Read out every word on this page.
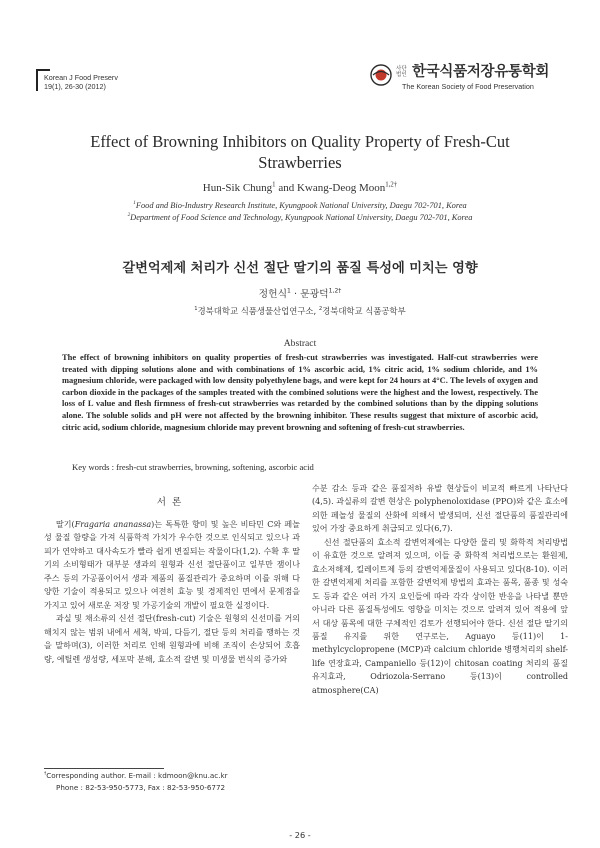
Korean J Food Preserv
19(1), 26-30 (2012)
사단
법인 한국식품저장유통학회
The Korean Society of Food Preservation
Effect of Browning Inhibitors on Quality Property of Fresh-Cut Strawberries
Hun-Sik Chung$^1$ and Kwang-Deog Moon$^{1,2\dagger}$
$^1$Food and Bio-Industry Research Institute, Kyungpook National University, Daegu 702-701, Korea
$^2$Department of Food Science and Technology, Kyungpook National University, Daegu 702-701, Korea
갈변억제제 처리가 신선 절단 딸기의 품질 특성에 미치는 영향
정헌식$^1$ · 문광덕$^{1,2\dagger}$
$^1$경북대학교 식품생물산업연구소, $^2$경북대학교 식품공학부
Abstract
The effect of browning inhibitors on quality properties of fresh-cut strawberries was investigated. Half-cut strawberries were treated with dipping solutions alone and with combinations of 1% ascorbic acid, 1% citric acid, 1% sodium chloride, and 1% magnesium chloride, were packaged with low density polyethylene bags, and were kept for 24 hours at 4°C. The levels of oxygen and carbon dioxide in the packages of the samples treated with the combined solutions were the highest and the lowest, respectively. The loss of L value and flesh firmness of fresh-cut strawberries was retarded by the combined solutions than by the dipping solutions alone. The soluble solids and pH were not affected by the browning inhibitor. These results suggest that mixture of ascorbic acid, citric acid, sodium chloride, magnesium chloride may prevent browning and softening of fresh-cut strawberries.
Key words : fresh-cut strawberries, browning, softening, ascorbic acid
서론

딸기(Fragaria ananassa)는 독특한 향미 및 높은 비타민 C와 페놀성 물질 함량을 가져 식품학적 가치가 우수한 것으로 인식되고 있으나 과피가 연약하고 대사속도가 빨라 쉽게 변질되는 작물이다(1,2). 수확 후 딸기의 소비형태가 대부분 생과의 원형과 신선 절단품이고 일부만 잼이나 주스 등의 가공품이어서 생과 제품의 품질관리가 중요하며 이를 위해 다양한 기술이 적용되고 있으나 여전히 효능 및 경제적인 면에서 문제점을 가지고 있어 새로운 저장 및 가공기술의 개발이 필요한 실정이다.

과실 및 채소류의 신선 절단(fresh-cut) 기술은 원형의 신선미를 거의 해치지 않는 범위 내에서 세척, 박피, 다듬기, 절단 등의 처리를 행하는 것을 말하며(3), 이러한 처리로 인해 원형과에 비해 조직이 손상되어 호흡량, 에틸렌 생성량, 세포막 분해, 효소적 갈변 및 미생물 번식의 증가와

수분 감소 등과 같은 품질저하 유발 현상들이 비교적 빠르게 나타난다(4,5). 과실류의 갈변 현상은 polyphenoloxidase (PPO)와 같은 효소에 의한 페놀성 물질의 산화에 의해서 발생되며, 신선 절단품의 품질관리에 있어 가장 중요하게 취급되고 있다(6,7).

신선 절단품의 효소적 갈변억제에는 다양한 물리 및 화학적 처리방법이 유효한 것으로 알려져 있으며, 이들 중 화학적 처리법으로는 환원제, 효소저해제, 킬레이트제 등의 갈변억제물질이 사용되고 있다(8-10). 이러한 갈변억제제 처리를 포함한 갈변억제 방법의 효과는 품목, 품종 및 성숙도 등과 같은 여러 가지 요인들에 따라 각각 상이한 반응을 나타낼 뿐만 아니라 다른 품질특성에도 영향을 미치는 것으로 알려져 있어 적용에 앞서 대상 품목에 대한 구체적인 검토가 선행되어야 한다. 신선 절단 딸기의 품질 유지를 위한 연구로는, Aguayo 등(11)이 1-methylcyclopropene (MCP)과 calcium chloride 병행처리의 shelf-life 연장효과, Campaniello 등(12)이 chitosan coating 처리의 품질 유지효과, Odriozola-Serrano 등(13)이 controlled atmosphere(CA)

†Corresponding author. E-mail : kdmoon@knu.ac.kr
Phone : 82-53-950-5773, Fax : 82-53-950-6772
- 26 -
